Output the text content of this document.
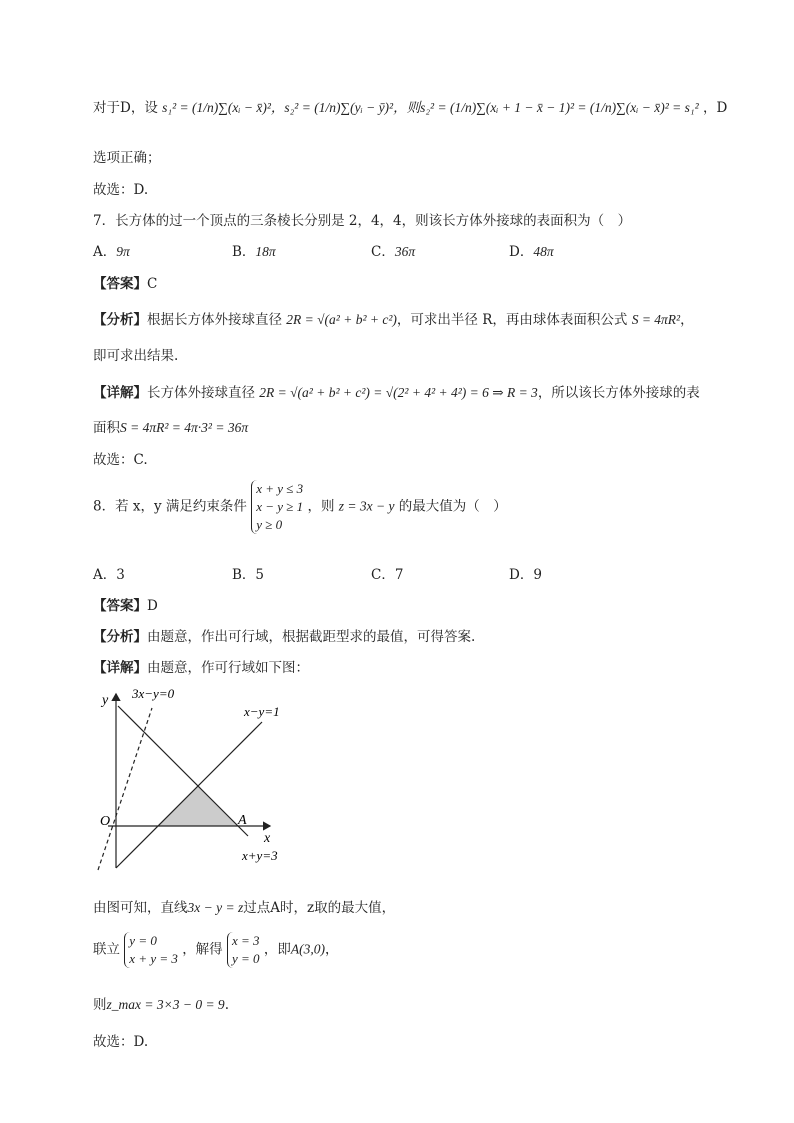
对于D，设 s₁² = (1/n)∑(xᵢ − x̄)²，s₂² = (1/n)∑(yᵢ − ȳ)²，则s₂² = (1/n)∑(xᵢ + 1 − x̄ − 1)² = (1/n)∑(xᵢ − x̄)² = s₁² ，D
选项正确；
故选：D.
7．长方体的过一个顶点的三条棱长分别是 2，4，4，则该长方体外接球的表面积为（　）
A．9π	B．18π	C．36π	D．48π
【答案】C
【分析】根据长方体外接球直径 2R = √(a² + b² + c²)，可求出半径 R，再由球体表面积公式 S = 4πR²，
即可求出结果.
【详解】长方体外接球直径 2R = √(a² + b² + c²) = √(2² + 4² + 4²) = 6 ⇒ R = 3，所以该长方体外接球的表
面积S = 4πR² = 4π·3² = 36π
故选：C.
8．若 x，y 满足约束条件
x + y ≤ 3
x − y ≥ 1
y ≥ 0
，则 z = 3x − y 的最大值为（　）
A．3	B．5	C．7	D．9
【答案】D
【分析】由题意，作出可行域，根据截距型求的最值，可得答案.
【详解】由题意，作可行域如下图：
y
x
O	A
3x−y=0
x−y=1
x+y=3
由图可知，直线3x − y = z过点A时，z取的最大值，
联立
y = 0
x + y = 3
，解得
x = 3
y = 0
，即A(3,0)，
则z_max = 3×3 − 0 = 9.
故选：D.
